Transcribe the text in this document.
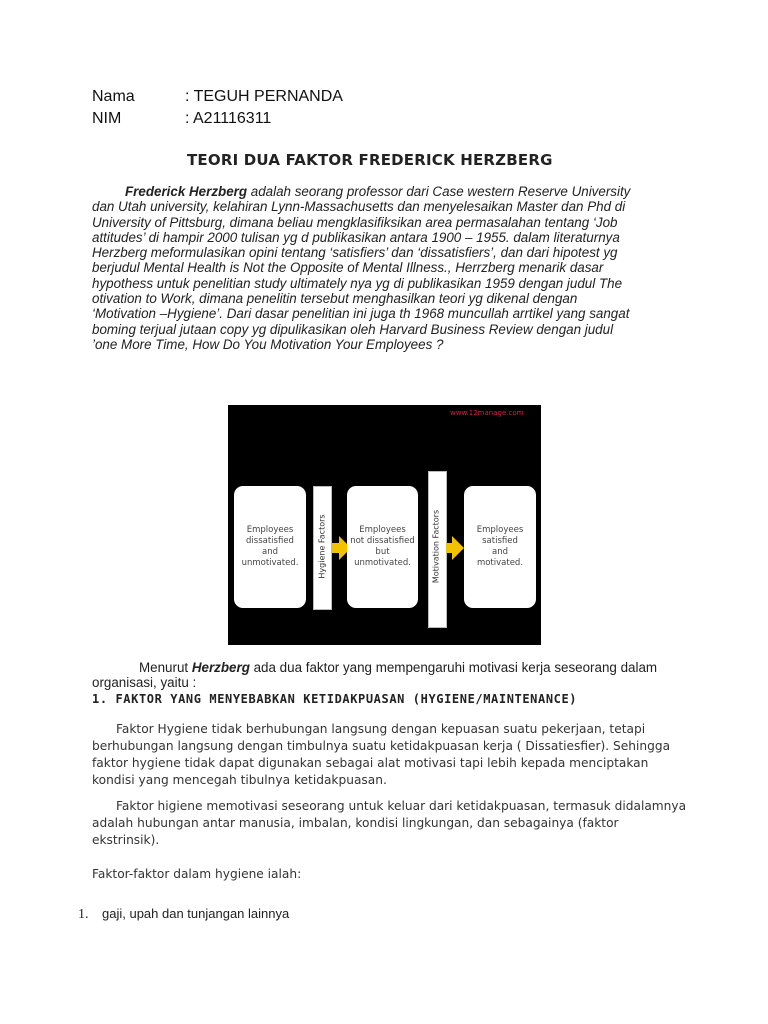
Nama	: TEGUH PERNANDA
NIM	: A21116311
TEORI DUA FAKTOR FREDERICK HERZBERG
Frederick Herzberg adalah seorang professor dari Case western Reserve University
dan Utah university, kelahiran Lynn-Massachusetts dan menyelesaikan Master dan Phd di
University of Pittsburg, dimana beliau mengklasifiksikan area permasalahan tentang ‘Job
attitudes’ di hampir 2000 tulisan yg d publikasikan antara 1900 – 1955. dalam literaturnya
Herzberg meformulasikan opini tentang ‘satisfiers’ dan ‘dissatisfiers’, dan dari hipotest yg
berjudul Mental Health is Not the Opposite of Mental Illness., Herrzberg menarik dasar
hypothess untuk penelitian study ultimately nya yg di publikasikan 1959 dengan judul The
otivation to Work, dimana penelitin tersebut menghasilkan teori yg dikenal dengan
‘Motivation –Hygiene’. Dari dasar penelitian ini juga th 1968 muncullah arrtikel yang sangat
boming terjual jutaan copy yg dipulikasikan oleh Harvard Business Review dengan judul
’one More Time, How Do You Motivation Your Employees ?
www.12manage.com
Employees
dissatisfied
and
unmotivated. Hygiene Factors	Employees
not dissatisfied
but
unmotivated.	Motivation Factors	Employees
satisfied
and
motivated.
Menurut Herzberg ada dua faktor yang mempengaruhi motivasi kerja seseorang dalam
organisasi, yaitu :
1. FAKTOR YANG MENYEBABKAN KETIDAKPUASAN (HYGIENE/MAINTENANCE)
Faktor Hygiene tidak berhubungan langsung dengan kepuasan suatu pekerjaan, tetapi
berhubungan langsung dengan timbulnya suatu ketidakpuasan kerja ( Dissatiesfier). Sehingga
faktor hygiene tidak dapat digunakan sebagai alat motivasi tapi lebih kepada menciptakan
kondisi yang mencegah tibulnya ketidakpuasan.
Faktor higiene memotivasi seseorang untuk keluar dari ketidakpuasan, termasuk didalamnya
adalah hubungan antar manusia, imbalan, kondisi lingkungan, dan sebagainya (faktor
ekstrinsik).
Faktor-faktor dalam hygiene ialah:
1. gaji, upah dan tunjangan lainnya
